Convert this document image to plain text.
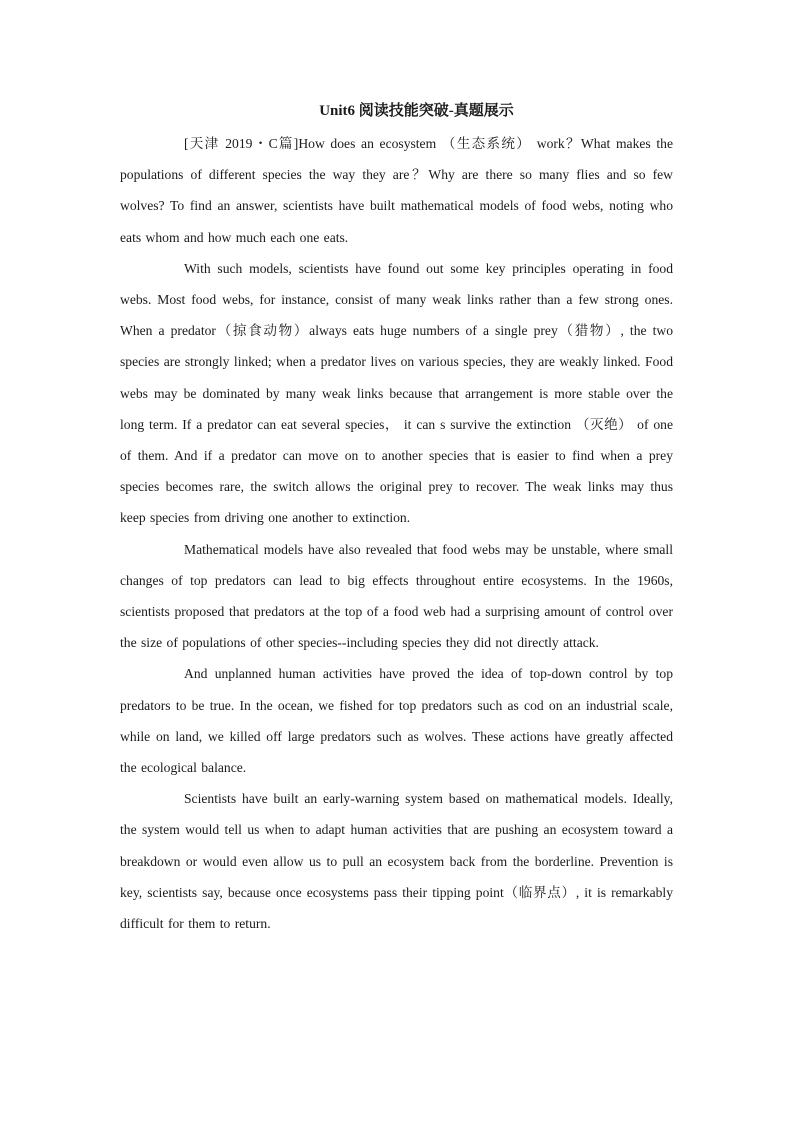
Unit6 阅读技能突破-真题展示

[天津 2019・C篇]How does an ecosystem （生态系统） work？What makes the populations of different species the way they are？Why are there so many flies and so few wolves? To find an answer, scientists have built mathematical models of food webs, noting who eats whom and how much each one eats.

With such models, scientists have found out some key principles operating in food webs. Most food webs, for instance, consist of many weak links rather than a few strong ones. When a predator（掠食动物）always eats huge numbers of a single prey（猎物）, the two species are strongly linked; when a predator lives on various species, they are weakly linked. Food webs may be dominated by many weak links because that arrangement is more stable over the long term. If a predator can eat several species， it can s survive the extinction （灭绝） of one of them. And if a predator can move on to another species that is easier to find when a prey species becomes rare, the switch allows the original prey to recover. The weak links may thus keep species from driving one another to extinction.

Mathematical models have also revealed that food webs may be unstable, where small changes of top predators can lead to big effects throughout entire ecosystems. In the 1960s, scientists proposed that predators at the top of a food web had a surprising amount of control over the size of populations of other species--including species they did not directly attack.

And unplanned human activities have proved the idea of top-down control by top predators to be true. In the ocean, we fished for top predators such as cod on an industrial scale, while on land, we killed off large predators such as wolves. These actions have greatly affected the ecological balance.

Scientists have built an early-warning system based on mathematical models. Ideally, the system would tell us when to adapt human activities that are pushing an ecosystem toward a breakdown or would even allow us to pull an ecosystem back from the borderline. Prevention is key, scientists say, because once ecosystems pass their tipping point（临界点）, it is remarkably difficult for them to return.
